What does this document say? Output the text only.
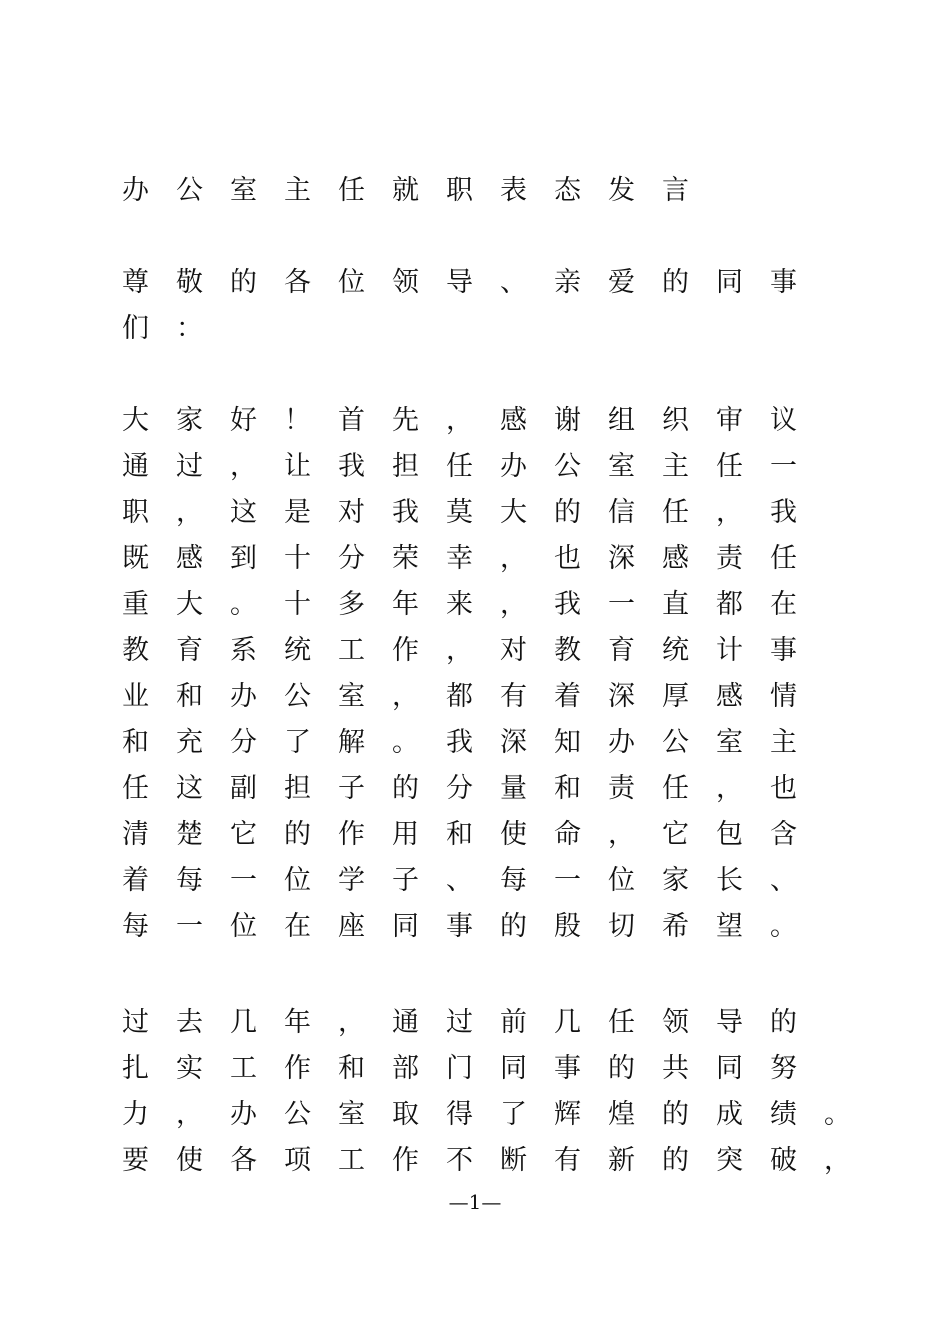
办公室主任就职表态发言
尊敬的各位领导、亲爱的同事
们：
大家好！首先，感谢组织审议
通过，让我担任办公室主任一
职，这是对我莫大的信任，我
既感到十分荣幸，也深感责任
重大。十多年来，我一直都在
教育系统工作，对教育统计事
业和办公室，都有着深厚感情
和充分了解。我深知办公室主
任这副担子的分量和责任，也
清楚它的作用和使命，它包含
着每一位学子、每一位家长、
每一位在座同事的殷切希望。
过去几年，通过前几任领导的
扎实工作和部门同事的共同努
力，办公室取得了辉煌的成绩。
要使各项工作不断有新的突破，
—1—
